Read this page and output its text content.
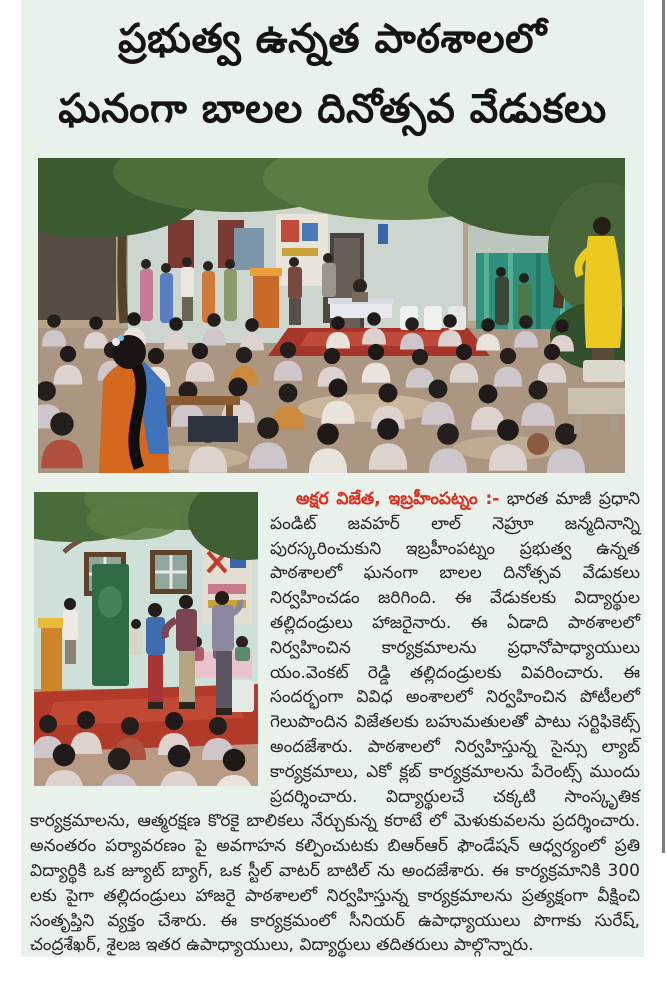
ప్రభుత్వ ఉన్నత పాఠశాలలో
ఘనంగా బాలల దినోత్సవ వేడుకలు

అక్షర విజేత, ఇబ్రహీంపట్నం :- భారత మాజీ ప్రధాని పండిట్ జవహర్ లాల్ నెహ్రూ జన్మదినాన్ని పురస్కరించుకుని ఇబ్రహీంపట్నం ప్రభుత్వ ఉన్నత పాఠశాలలో ఘనంగా బాలల దినోత్సవ వేడుకలు నిర్వహించడం జరిగింది. ఈ వేడుకలకు విద్యార్థుల తల్లిదండ్రులు హాజరైనారు. ఈ ఏడాది పాఠశాలలో నిర్వహించిన కార్యక్రమాలను ప్రధానోపాధ్యాయులు యం.వెంకట్ రెడ్డి తల్లిదండ్రులకు వివరించారు. ఈ సందర్భంగా వివిధ అంశాలలో నిర్వహించిన పోటీలలో గెలుపొందిన విజేతలకు బహుమతులతో పాటు సర్టిఫికెట్స్ అందజేశారు. పాఠశాలలో నిర్వహిస్తున్న సైన్సు ల్యాబ్ కార్యక్రమాలు, ఎకో క్లబ్ కార్యక్రమాలను పేరెంట్స్ ముందు ప్రదర్శించారు. విద్యార్థులచే చక్కటి సాంస్కృతిక కార్యక్రమాలను, ఆత్మరక్షణ కొరకై బాలికలు నేర్చుకున్న కరాటే లో మెళుకువలను ప్రదర్శించారు. అనంతరం పర్యావరణం పై అవగాహన కల్పించుటకు బిఆర్ఆర్ ఫౌండేషన్ ఆధ్వర్యంలో ప్రతి విద్యార్థికి ఒక జ్యూట్ బ్యాగ్, ఒక స్టీల్ వాటర్ బాటిల్ ను అందజేశారు. ఈ కార్యక్రమానికి 300 లకు పైగా తల్లిదండ్రులు హాజరై పాఠశాలలో నిర్వహిస్తున్న కార్యక్రమాలను ప్రత్యక్షంగా వీక్షించి సంతృప్తిని వ్యక్తం చేశారు. ఈ కార్యక్రమంలో సీనియర్ ఉపాధ్యాయులు పొగాకు సురేష్, చంద్రశేఖర్, శైలజ ఇతర ఉపాధ్యాయులు, విద్యార్థులు తదితరులు పాల్గొన్నారు.
